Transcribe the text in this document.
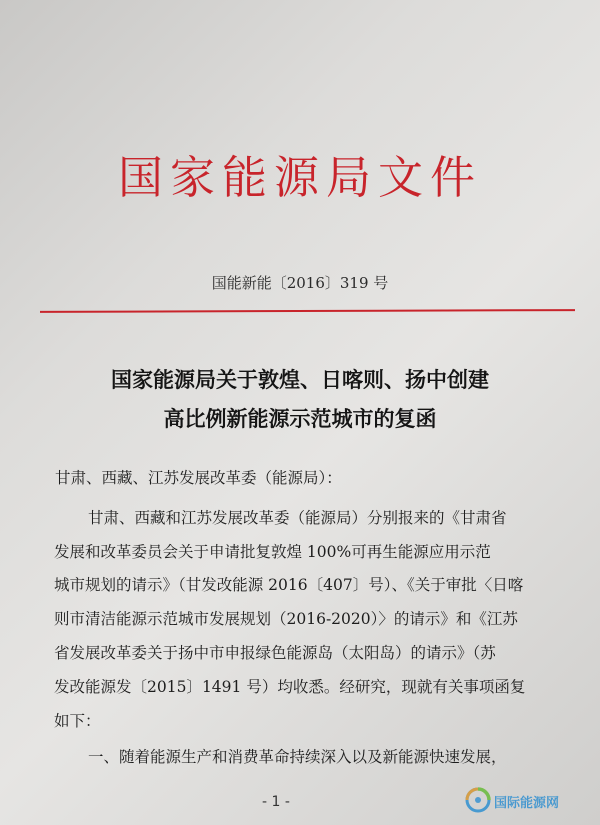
国家能源局文件
国能新能〔2016〕319 号
国家能源局关于敦煌、日喀则、扬中创建
高比例新能源示范城市的复函
甘肃、西藏、江苏发展改革委（能源局）：
甘肃、西藏和江苏发展改革委（能源局）分别报来的《甘肃省
发展和改革委员会关于申请批复敦煌 100%可再生能源应用示范
城市规划的请示》（甘发改能源 2016〔407〕号）、《关于审批〈日喀
则市清洁能源示范城市发展规划（2016-2020）〉的请示》和《江苏
省发展改革委关于扬中市申报绿色能源岛（太阳岛）的请示》（苏
发改能源发〔2015〕1491 号）均收悉。经研究，现就有关事项函复
如下：
一、随着能源生产和消费革命持续深入以及新能源快速发展，
- 1 -	国际能源网
